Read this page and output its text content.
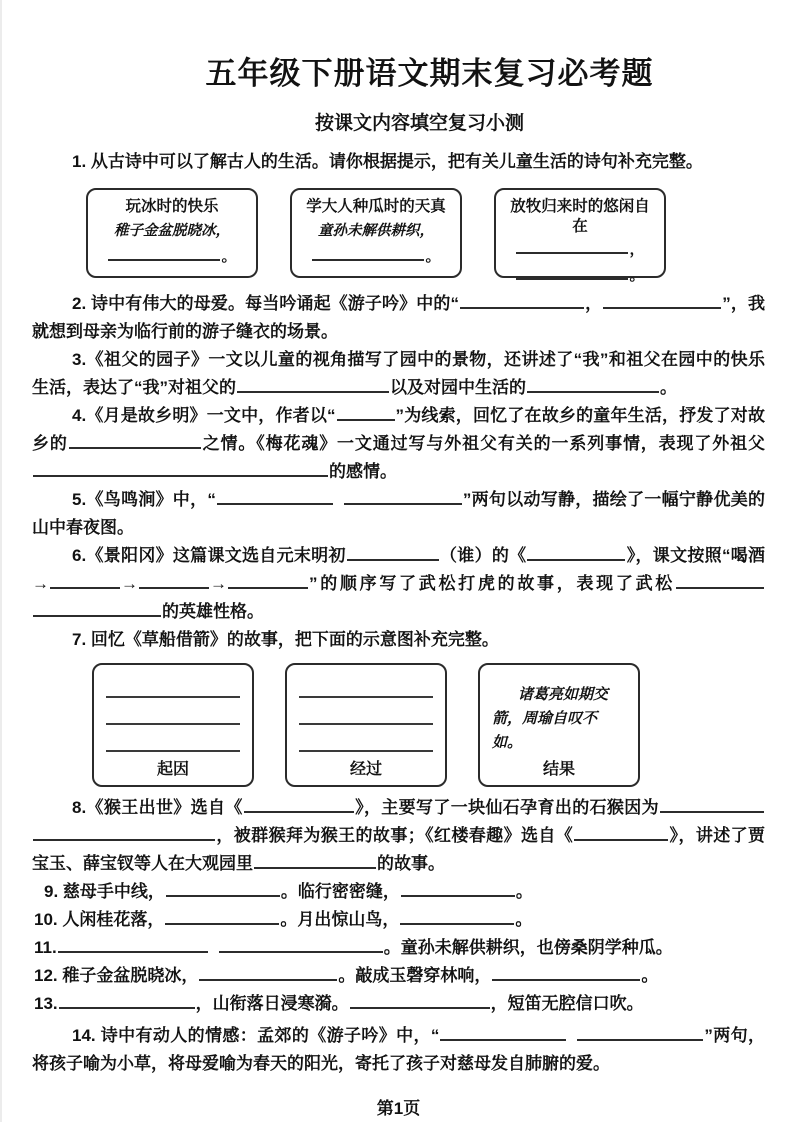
五年级下册语文期末复习必考题
按课文内容填空复习小测

1. 从古诗中可以了解古人的生活。请你根据提示，把有关儿童生活的诗句补充完整。

玩冰时的快乐
稚子金盆脱晓冰，
。
学大人种瓜时的天真
童孙未解供耕织，
。
放牧归来时的悠闲自在
，
。

2. 诗中有伟大的母爱。每当吟诵起《游子吟》中的“	，	”，我就想到母亲为临行前的游子缝衣的场景。

3.《祖父的园子》一文以儿童的视角描写了园中的景物，还讲述了“我”和祖父在园中的快乐生活，表达了“我”对祖父的	以及对园中生活的	。

4.《月是故乡明》一文中，作者以“	”为线索，回忆了在故乡的童年生活，抒发了对故乡的	之情。《梅花魂》一文通过写与外祖父有关的一系列事情，表现了外祖父的感情。

5.《鸟鸣涧》中，“	”两句以动写静，描绘了一幅宁静优美的山中春夜图。

6.《景阳冈》这篇课文选自元末明初	（谁）的《	》，课文按照“喝酒→	→	→	”的顺序写了武松打虎的故事，表现了武松的英雄性格。

7. 回忆《草船借箭》的故事，把下面的示意图补充完整。

起因	经过
诸葛亮如期交箭，周瑜自叹不如。
结果

8.《猴王出世》选自《	》，主要写了一块仙石孕育出的石猴因为，被群猴拜为猴王的故事；《红楼春趣》选自《	》，讲述了贾宝玉、薛宝钗等人在大观园里	的故事。

9. 慈母手中线，	。临行密密缝，	。

10. 人闲桂花落，	。月出惊山鸟，	。

11.	。童孙未解供耕织，也傍桑阴学种瓜。

12. 稚子金盆脱晓冰，	。敲成玉磬穿林响，	。

13.	，山衔落日浸寒漪。	，短笛无腔信口吹。

14. 诗中有动人的情感：孟郊的《游子吟》中，“	”两句，将孩子喻为小草，将母爱喻为春天的阳光，寄托了孩子对慈母发自肺腑的爱。

第1页
